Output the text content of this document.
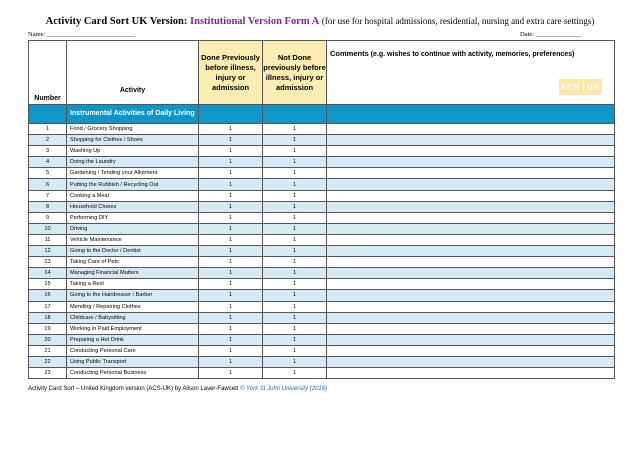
Activity Card Sort UK Version: Institutional Version Form A (for use for hospital admissions, residential, nursing and extra care settings)
Name: ___________________________	Date: ______________
Number	Activity	Done Previously before illness, injury or admission	Not Done previously before illness, injury or admission	Comments (e.g. wishes to continue with activity, memories, preferences)
ACS UK

	Instrumental Activities of Daily Living			
1	Food / Grocery Shopping	1	1	
2	Shopping for Clothes / Shoes	1	1	
3	Washing Up	1	1	
4	Doing the Laundry	1	1	
5	Gardening / Tending your Allotment	1	1	
6	Putting the Rubbish / Recycling Out	1	1	
7	Cooking a Meal	1	1	
8	Household Chores	1	1	
9	Performing DIY	1	1	
10	Driving	1	1	
11	Vehicle Maintenance	1	1	
12	Going to the Doctor / Dentist	1	1	
13	Taking Care of Pets	1	1	
14	Managing Financial Matters	1	1	
15	Taking a Rest	1	1	
16	Going to the Hairdresser / Barber	1	1	
17	Mending / Repairing Clothes	1	1	
18	Childcare / Babysitting	1	1	
19	Working in Paid Employment	1	1	
20	Preparing a Hot Drink	1	1	
21	Conducting Personal Care	1	1	
22	Using Public Transport	1	1	
23	Conducting Personal Business	1	1	
Activity Card Sort – United Kingdom version (ACS-UK) by Alison Laver-Fawcett © York St John University (2018)
